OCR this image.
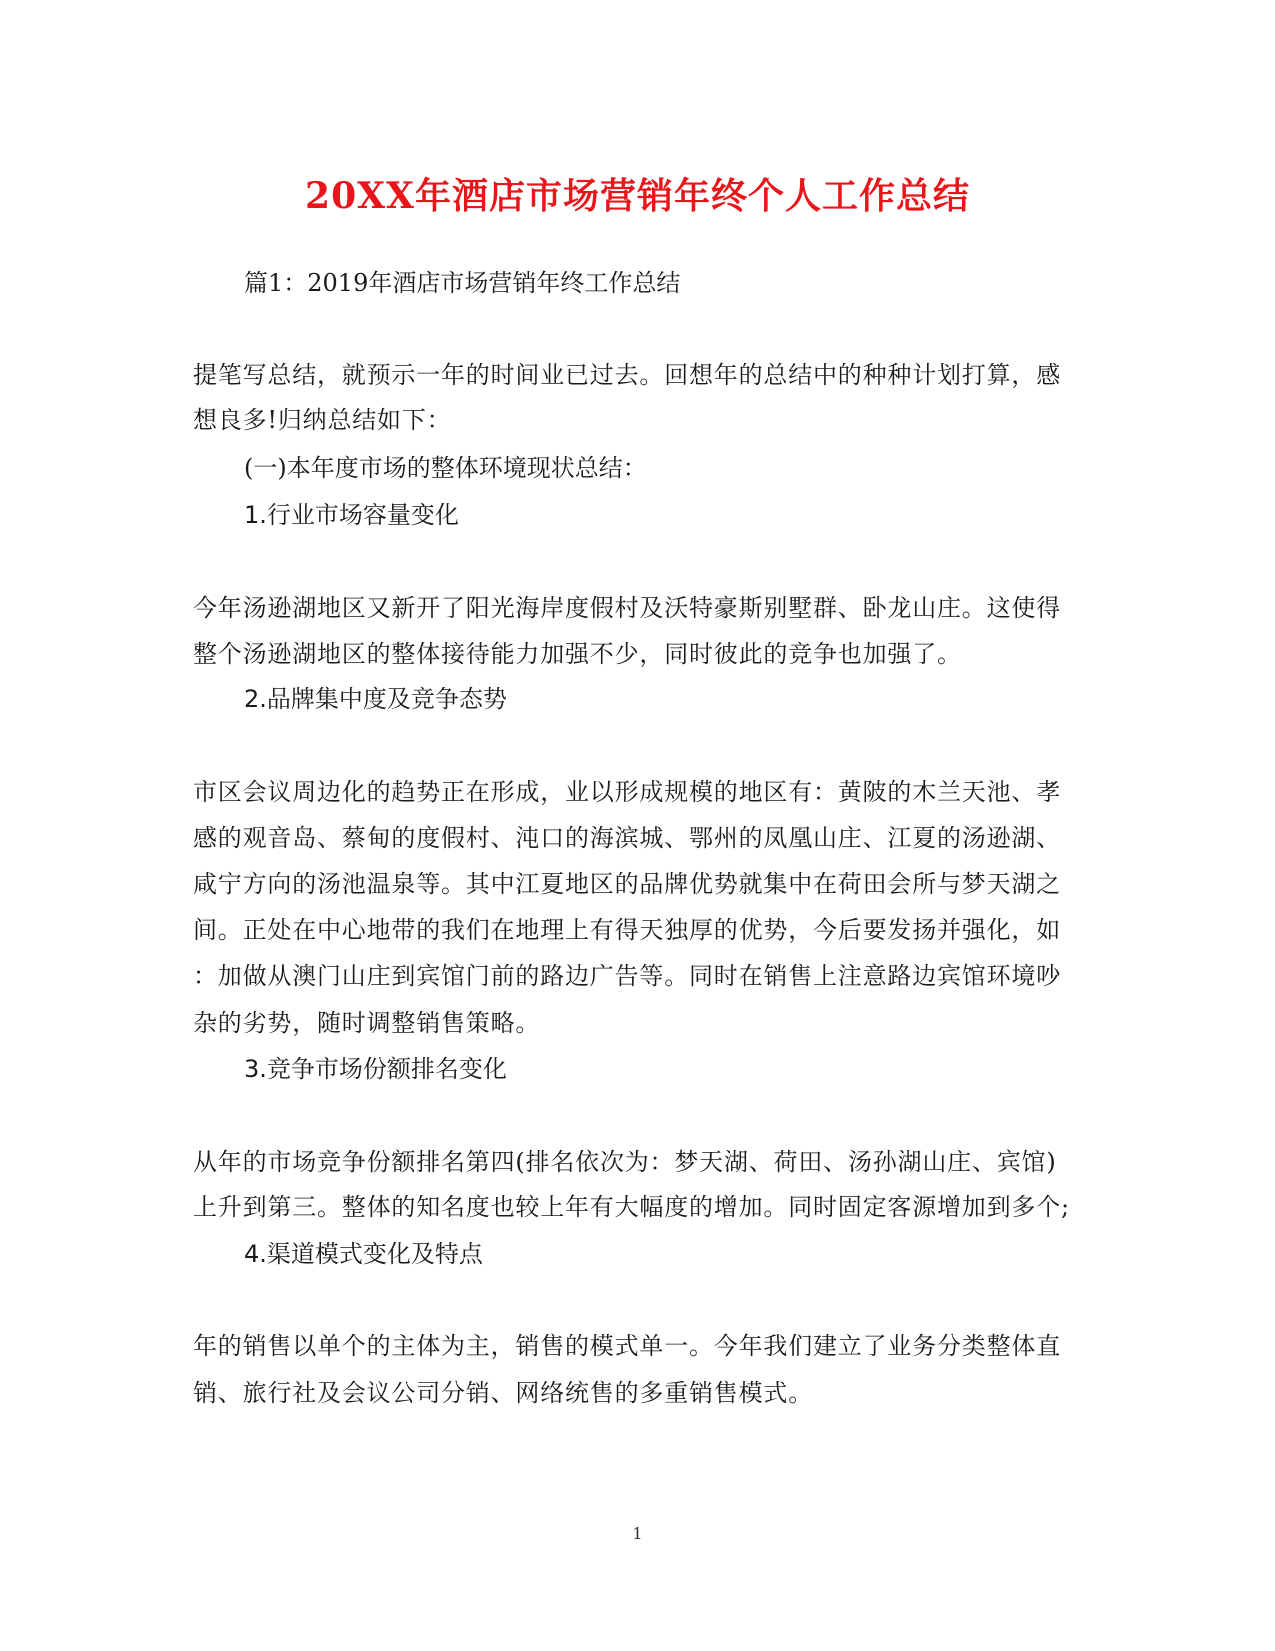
20XX年酒店市场营销年终个人工作总结
篇1：2019年酒店市场营销年终工作总结
提笔写总结，就预示一年的时间业已过去。回想年的总结中的种种计划打算，感
想良多!归纳总结如下：
(一)本年度市场的整体环境现状总结：
1.行业市场容量变化
今年汤逊湖地区又新开了阳光海岸度假村及沃特豪斯别墅群、卧龙山庄。这使得
整个汤逊湖地区的整体接待能力加强不少，同时彼此的竞争也加强了。
2.品牌集中度及竞争态势
市区会议周边化的趋势正在形成，业以形成规模的地区有：黄陂的木兰天池、孝
感的观音岛、蔡甸的度假村、沌口的海滨城、鄂州的凤凰山庄、江夏的汤逊湖、
咸宁方向的汤池温泉等。其中江夏地区的品牌优势就集中在荷田会所与梦天湖之
间。正处在中心地带的我们在地理上有得天独厚的优势，今后要发扬并强化，如
：加做从澳门山庄到宾馆门前的路边广告等。同时在销售上注意路边宾馆环境吵
杂的劣势，随时调整销售策略。
3.竞争市场份额排名变化
从年的市场竞争份额排名第四(排名依次为：梦天湖、荷田、汤孙湖山庄、宾馆)
上升到第三。整体的知名度也较上年有大幅度的增加。同时固定客源增加到多个;
4.渠道模式变化及特点
年的销售以单个的主体为主，销售的模式单一。今年我们建立了业务分类整体直
销、旅行社及会议公司分销、网络统售的多重销售模式。
1
